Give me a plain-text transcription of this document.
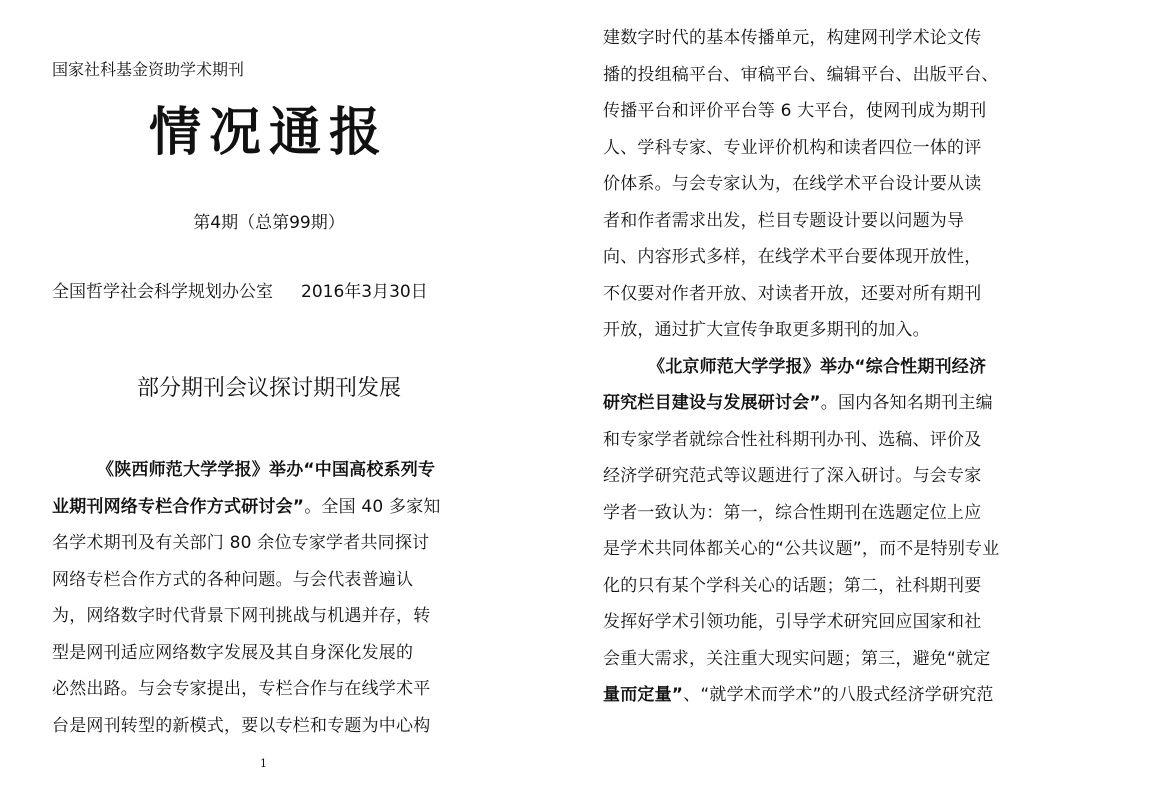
国家社科基金资助学术期刊
情况通报
第4期（总第99期）
全国哲学社会科学规划办公室 2016年3月30日
部分期刊会议探讨期刊发展
《陕西师范大学学报》举办“中国高校系列专
业期刊网络专栏合作方式研讨会”。全国 40 多家知
名学术期刊及有关部门 80 余位专家学者共同探讨
网络专栏合作方式的各种问题。与会代表普遍认
为，网络数字时代背景下网刊挑战与机遇并存，转
型是网刊适应网络数字发展及其自身深化发展的
必然出路。与会专家提出，专栏合作与在线学术平
台是网刊转型的新模式，要以专栏和专题为中心构
1
建数字时代的基本传播单元，构建网刊学术论文传
播的投组稿平台、审稿平台、编辑平台、出版平台、
传播平台和评价平台等 6 大平台，使网刊成为期刊
人、学科专家、专业评价机构和读者四位一体的评
价体系。与会专家认为，在线学术平台设计要从读
者和作者需求出发，栏目专题设计要以问题为导
向、内容形式多样，在线学术平台要体现开放性，
不仅要对作者开放、对读者开放，还要对所有期刊
开放，通过扩大宣传争取更多期刊的加入。
《北京师范大学学报》举办“综合性期刊经济
研究栏目建设与发展研讨会”。国内各知名期刊主编
和专家学者就综合性社科期刊办刊、选稿、评价及
经济学研究范式等议题进行了深入研讨。与会专家
学者一致认为：第一，综合性期刊在选题定位上应
是学术共同体都关心的“公共议题”，而不是特别专业
化的只有某个学科关心的话题；第二，社科期刊要
发挥好学术引领功能，引导学术研究回应国家和社
会重大需求，关注重大现实问题；第三，避免“就定
量而定量”、“就学术而学术”的八股式经济学研究范
